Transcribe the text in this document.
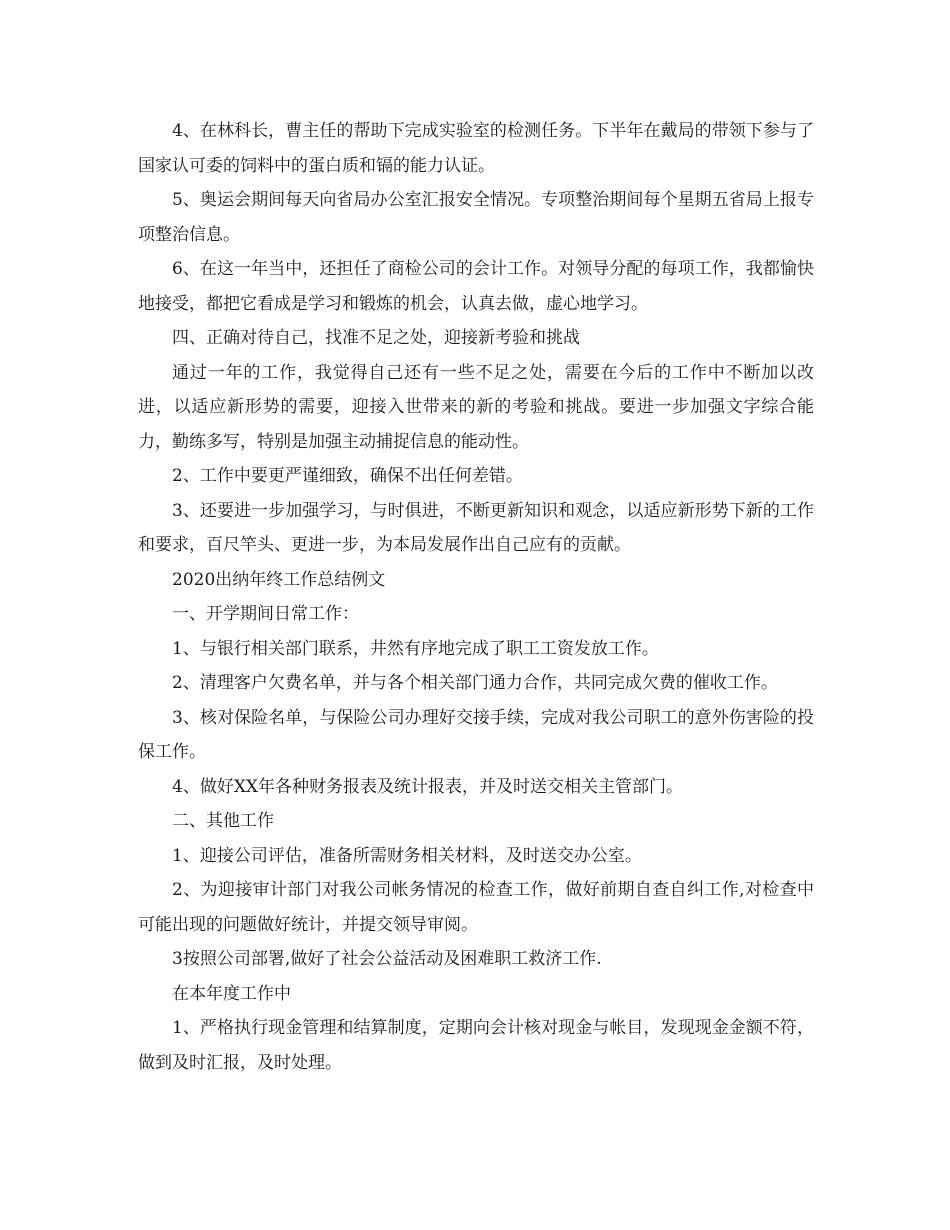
4、在林科长，曹主任的帮助下完成实验室的检测任务。下半年在戴局的带领下参与了国家认可委的饲料中的蛋白质和镉的能力认证。

5、奥运会期间每天向省局办公室汇报安全情况。专项整治期间每个星期五省局上报专项整治信息。

6、在这一年当中，还担任了商检公司的会计工作。对领导分配的每项工作，我都愉快地接受，都把它看成是学习和锻炼的机会，认真去做，虚心地学习。

四、正确对待自己，找准不足之处，迎接新考验和挑战

通过一年的工作，我觉得自己还有一些不足之处，需要在今后的工作中不断加以改进，以适应新形势的需要，迎接入世带来的新的考验和挑战。要进一步加强文字综合能力，勤练多写，特别是加强主动捕捉信息的能动性。

2、工作中要更严谨细致，确保不出任何差错。

3、还要进一步加强学习，与时俱进，不断更新知识和观念，以适应新形势下新的工作和要求，百尺竿头、更进一步，为本局发展作出自己应有的贡献。

2020出纳年终工作总结例文

一、开学期间日常工作：

1、与银行相关部门联系，井然有序地完成了职工工资发放工作。

2、清理客户欠费名单，并与各个相关部门通力合作，共同完成欠费的催收工作。

3、核对保险名单，与保险公司办理好交接手续，完成对我公司职工的意外伤害险的投保工作。

4、做好XX年各种财务报表及统计报表，并及时送交相关主管部门。

二、其他工作

1、迎接公司评估，准备所需财务相关材料，及时送交办公室。

2、为迎接审计部门对我公司帐务情况的检查工作，做好前期自查自纠工作,对检查中可能出现的问题做好统计，并提交领导审阅。

3按照公司部署,做好了社会公益活动及困难职工救济工作.

在本年度工作中

1、严格执行现金管理和结算制度，定期向会计核对现金与帐目，发现现金金额不符，做到及时汇报，及时处理。
